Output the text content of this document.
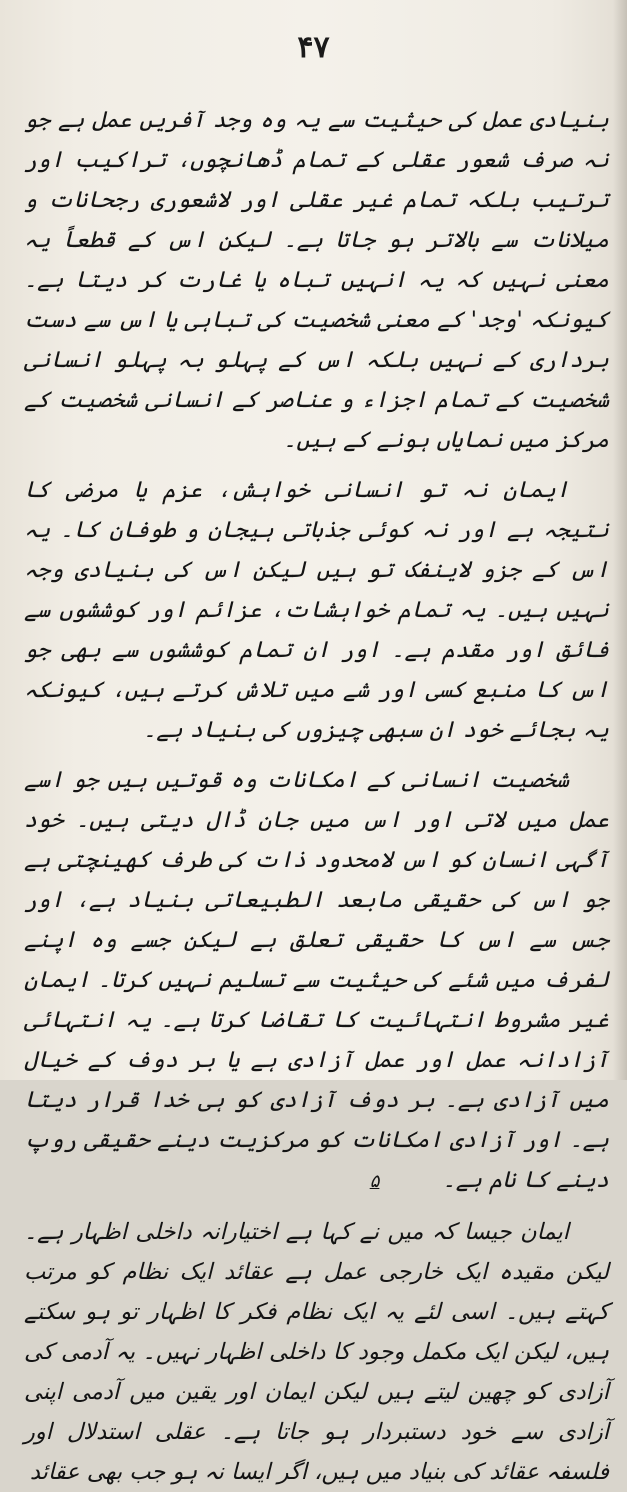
۴۷

بنیادی عمل کی حیثیت سے یہ وہ وجد آفریں عمل ہے جو نہ صرف شعور عقلی کے تمام ڈھانچوں، تراکیب اور ترتیب بلکہ تمام غیر عقلی اور لاشعوری رجحانات و میلانات سے بالاتر ہو جاتا ہے۔ لیکن اس کے قطعاً یہ معنی نہیں کہ یہ انہیں تباہ یا غارت کر دیتا ہے۔ کیونکہ 'وجد' کے معنی شخصیت کی تباہی یا اس سے دست برداری کے نہیں بلکہ اس کے پہلو بہ پہلو انسانی شخصیت کے تمام اجزاء و عناصر کے انسانی شخصیت کے مرکز میں نمایاں ہونے کے ہیں۔

ایمان نہ تو انسانی خواہش، عزم یا مرضی کا نتیجہ ہے اور نہ کوئی جذباتی ہیجان و طوفان کا۔ یہ اس کے جزو لاینفک تو ہیں لیکن اس کی بنیادی وجہ نہیں ہیں۔ یہ تمام خواہشات، عزائم اور کوششوں سے فائق اور مقدم ہے۔ اور ان تمام کوششوں سے بھی جو اس کا منبع کسی اور شے میں تلاش کرتے ہیں، کیونکہ یہ بجائے خود ان سبھی چیزوں کی بنیاد ہے۔

شخصیت انسانی کے امکانات وہ قوتیں ہیں جو اسے عمل میں لاتی اور اس میں جان ڈال دیتی ہیں۔ خود آگہی انسان کو اس لامحدود ذات کی طرف کھینچتی ہے جو اس کی حقیقی مابعد الطبیعاتی بنیاد ہے، اور جس سے اس کا حقیقی تعلق ہے لیکن جسے وہ اپنے لفرف میں شئے کی حیثیت سے تسلیم نہیں کرتا۔ ایمان غیر مشروط انتہائیت کا تقاضا کرتا ہے۔ یہ انتہائی آزادانہ عمل اور عمل آزادی ہے یا بر دوف کے خیال میں آزادی ہے۔ بر دوف آزادی کو ہی خدا قرار دیتا ہے۔ اور آزادی امکانات کو مرکزیت دینے حقیقی روپ دینے کا نام ہے۔ ۵

ایمان جیسا کہ میں نے کہا ہے اختیارانہ داخلی اظہار ہے۔ لیکن مقیدہ ایک خارجی عمل ہے عقائد ایک نظام کو مرتب کہتے ہیں۔ اسی لئے یہ ایک نظام فکر کا اظہار تو ہو سکتے ہیں، لیکن ایک مکمل وجود کا داخلی اظہار نہیں۔ یہ آدمی کی آزادی کو چھین لیتے ہیں لیکن ایمان اور یقین میں آدمی اپنی آزادی سے خود دستبردار ہو جاتا ہے۔ عقلی استدلال اور فلسفہ عقائد کی بنیاد میں ہیں، اگر ایسا نہ ہو جب بھی عقائد
